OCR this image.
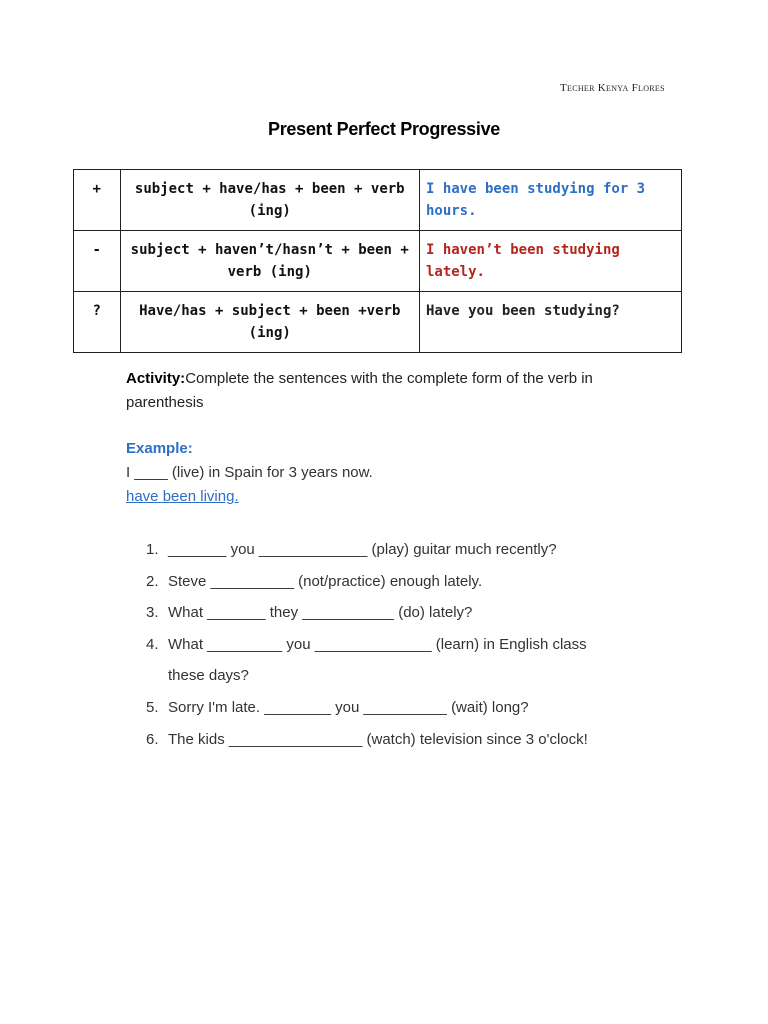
Techer Kenya Flores
Present Perfect Progressive
+	subject + have/has + been + verb (ing)	I have been studying for 3 hours.
-	subject + haven’t/hasn’t + been + verb (ing)	I haven’t been studying lately.
?	Have/has + subject + been +verb (ing)	Have you been studying?
Activity:Complete the sentences with the complete form of the verb in parenthesis
Example:
I ____ (live) in Spain for 3 years now.
have been living.
1. _______ you _____________ (play) guitar much recently?
2. Steve __________ (not/practice) enough lately.
3. What _______ they ___________ (do) lately?
4. What _________ you ______________ (learn) in English class
these days?
5. Sorry I'm late. ________ you __________ (wait) long?
6. The kids ________________ (watch) television since 3 o'clock!
